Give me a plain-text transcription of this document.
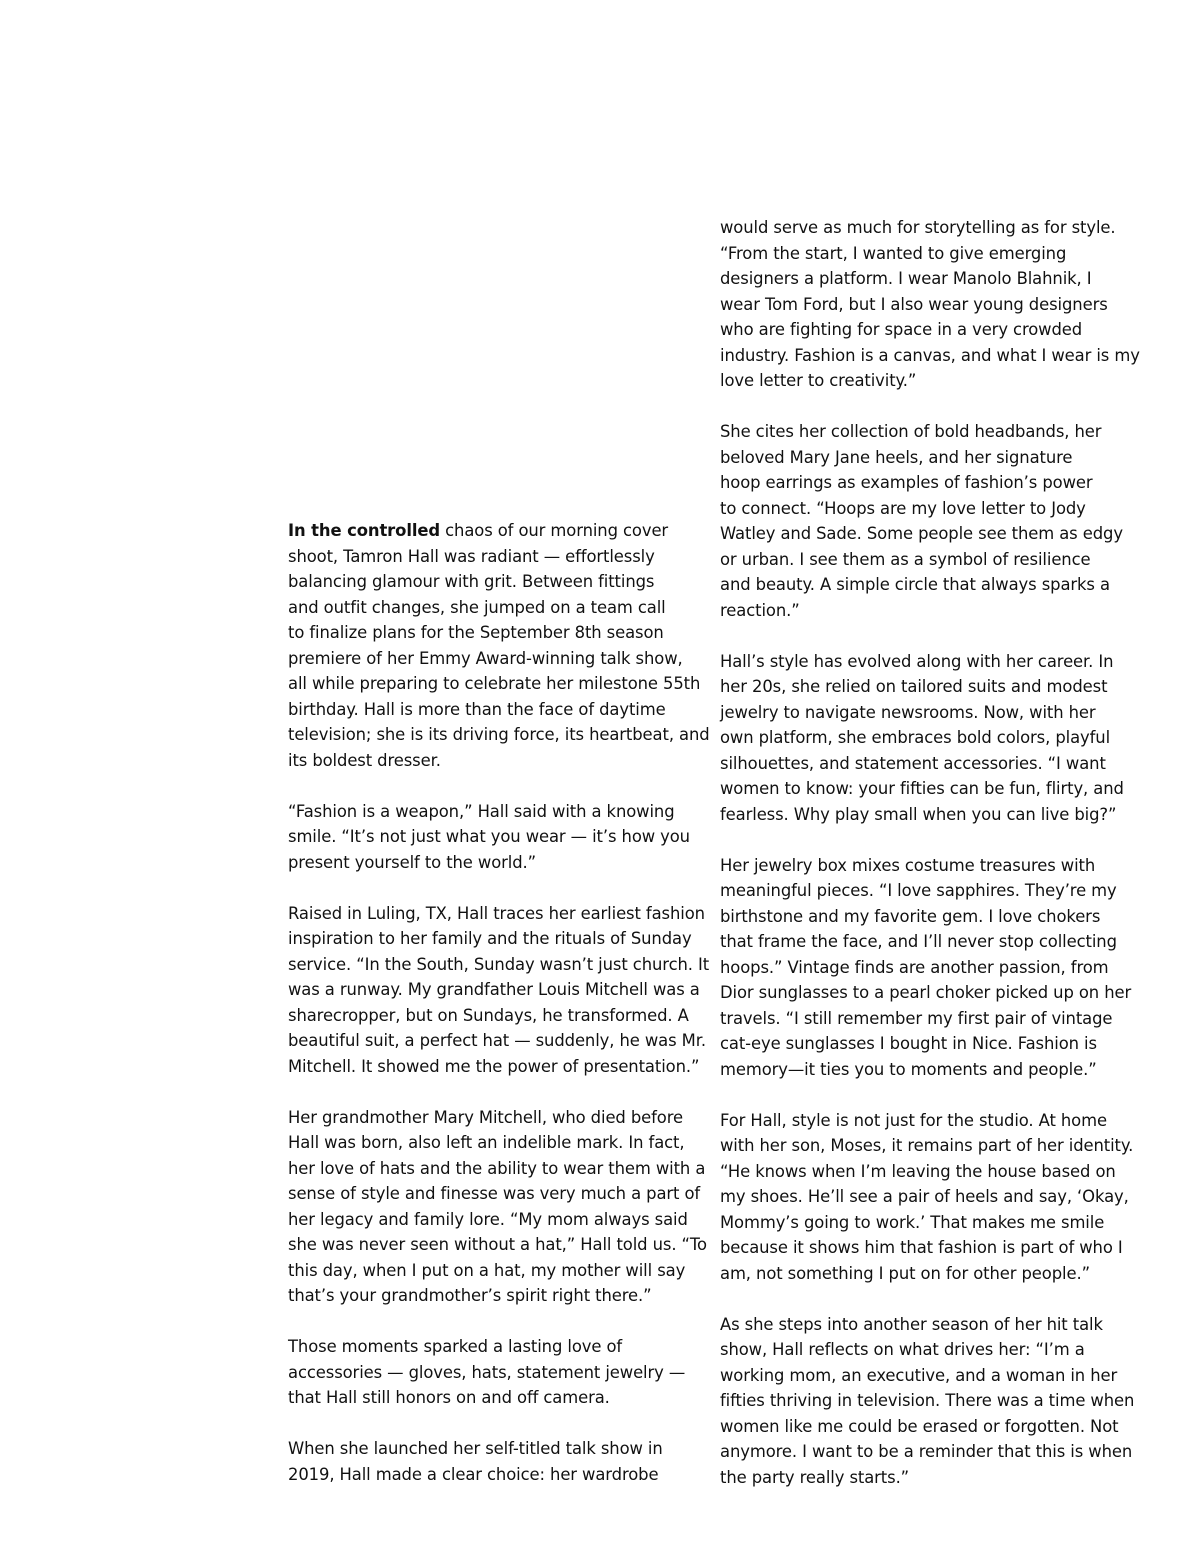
In the controlled chaos of our morning cover
shoot, Tamron Hall was radiant — effortlessly
balancing glamour with grit. Between fittings
and outfit changes, she jumped on a team call
to finalize plans for the September 8th season
premiere of her Emmy Award-winning talk show,
all while preparing to celebrate her milestone 55th
birthday. Hall is more than the face of daytime
television; she is its driving force, its heartbeat, and
its boldest dresser.
“Fashion is a weapon,” Hall said with a knowing
smile. “It’s not just what you wear — it’s how you
present yourself to the world.”
Raised in Luling, TX, Hall traces her earliest fashion
inspiration to her family and the rituals of Sunday
service. “In the South, Sunday wasn’t just church. It
was a runway. My grandfather Louis Mitchell was a
sharecropper, but on Sundays, he transformed. A
beautiful suit, a perfect hat — suddenly, he was Mr.
Mitchell. It showed me the power of presentation.”
Her grandmother Mary Mitchell, who died before
Hall was born, also left an indelible mark. In fact,
her love of hats and the ability to wear them with a
sense of style and finesse was very much a part of
her legacy and family lore. “My mom always said
she was never seen without a hat,” Hall told us. “To
this day, when I put on a hat, my mother will say
that’s your grandmother’s spirit right there.”
Those moments sparked a lasting love of
accessories — gloves, hats, statement jewelry —
that Hall still honors on and off camera.
When she launched her self-titled talk show in
2019, Hall made a clear choice: her wardrobe
would serve as much for storytelling as for style.
“From the start, I wanted to give emerging
designers a platform. I wear Manolo Blahnik, I
wear Tom Ford, but I also wear young designers
who are fighting for space in a very crowded
industry. Fashion is a canvas, and what I wear is my
love letter to creativity.”
She cites her collection of bold headbands, her
beloved Mary Jane heels, and her signature
hoop earrings as examples of fashion’s power
to connect. “Hoops are my love letter to Jody
Watley and Sade. Some people see them as edgy
or urban. I see them as a symbol of resilience
and beauty. A simple circle that always sparks a
reaction.”
Hall’s style has evolved along with her career. In
her 20s, she relied on tailored suits and modest
jewelry to navigate newsrooms. Now, with her
own platform, she embraces bold colors, playful
silhouettes, and statement accessories. “I want
women to know: your fifties can be fun, flirty, and
fearless. Why play small when you can live big?”
Her jewelry box mixes costume treasures with
meaningful pieces. “I love sapphires. They’re my
birthstone and my favorite gem. I love chokers
that frame the face, and I’ll never stop collecting
hoops.” Vintage finds are another passion, from
Dior sunglasses to a pearl choker picked up on her
travels. “I still remember my first pair of vintage
cat-eye sunglasses I bought in Nice. Fashion is
memory—it ties you to moments and people.”
For Hall, style is not just for the studio. At home
with her son, Moses, it remains part of her identity.
“He knows when I’m leaving the house based on
my shoes. He’ll see a pair of heels and say, ‘Okay,
Mommy’s going to work.’ That makes me smile
because it shows him that fashion is part of who I
am, not something I put on for other people.”
As she steps into another season of her hit talk
show, Hall reflects on what drives her: “I’m a
working mom, an executive, and a woman in her
fifties thriving in television. There was a time when
women like me could be erased or forgotten. Not
anymore. I want to be a reminder that this is when
the party really starts.”
